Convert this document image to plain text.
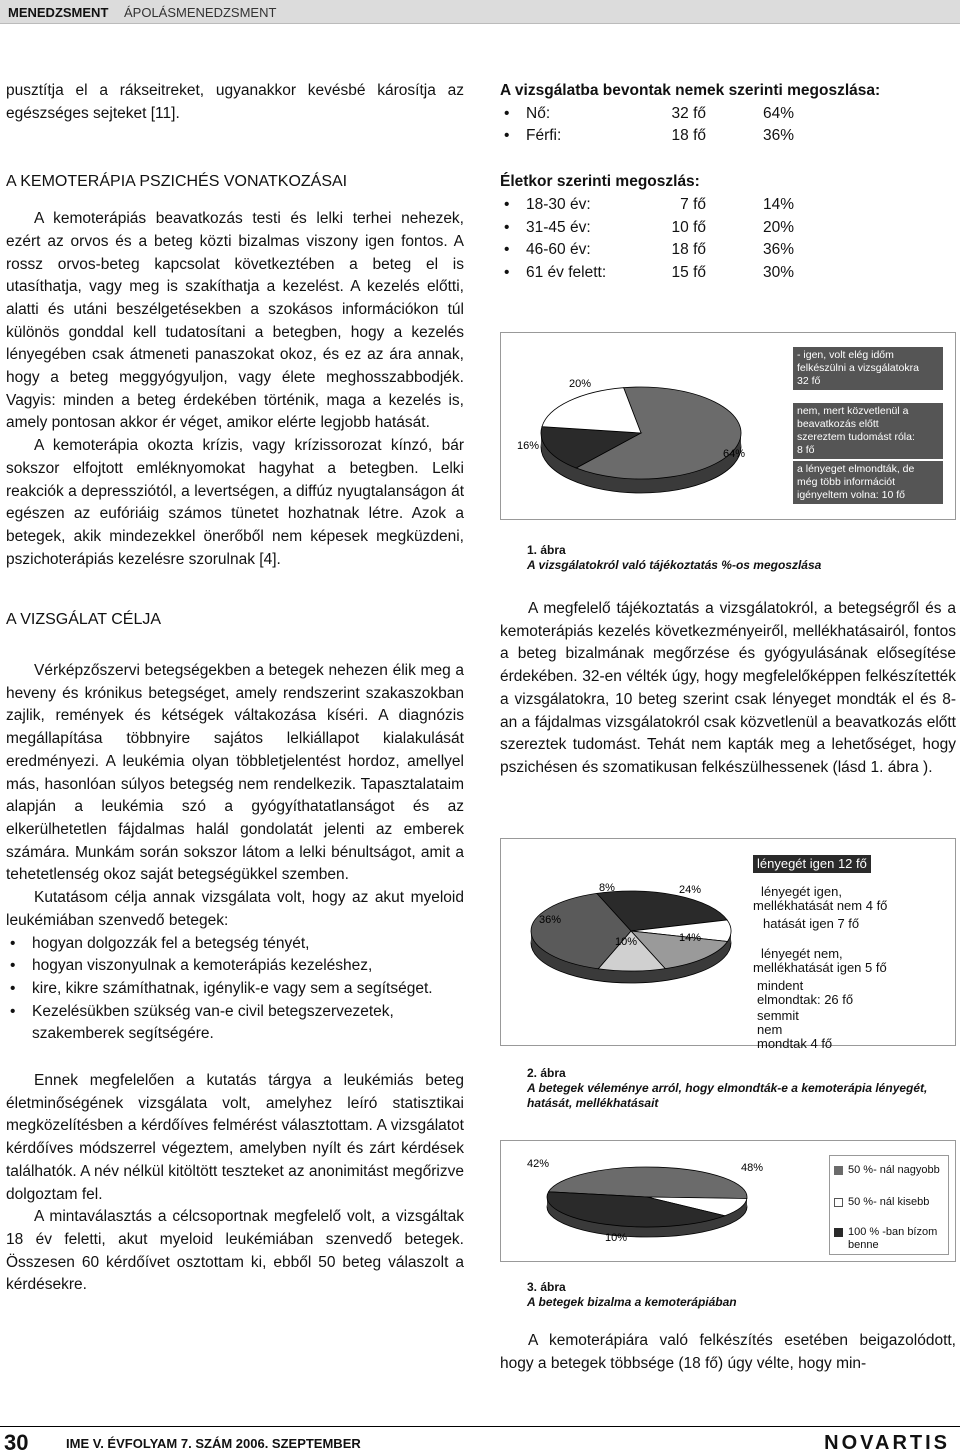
MENEDZSMENT ÁPOLÁSMENEDZSMENT

pusztítja el a rákseitreket, ugyanakkor kevésbé károsítja az egészséges sejteket [11].

A KEMOTERÁPIA PSZICHÉS VONATKOZÁSAI

A kemoterápiás beavatkozás testi és lelki terhei nehezek, ezért az orvos és a beteg közti bizalmas viszony igen fontos. A rossz orvos-beteg kapcsolat következtében a beteg el is utasíthatja, vagy meg is szakíthatja a kezelést. A kezelés előtti, alatti és utáni beszélgetésekben a szokásos információkon túl különös gonddal kell tudatosítani a betegben, hogy a kezelés lényegében csak átmeneti panaszokat okoz, és ez az ára annak, hogy a beteg meggyógyuljon, vagy élete meghosszabbodjék. Vagyis: minden a beteg érdekében történik, maga a kezelés is, amely pontosan akkor ér véget, amikor elérte legjobb hatását.

A kemoterápia okozta krízis, vagy krízissorozat kínzó, bár sokszor elfojtott emléknyomokat hagyhat a betegben. Lelki reakciók a depressziótól, a levertségen, a diffúz nyugtalanságon át egészen az eufóriáig számos tünetet hozhatnak létre. Azok a betegek, akik mindezekkel önerőből nem képesek megküzdeni, pszichoterápiás kezelésre szorulnak [4].

A VIZSGÁLAT CÉLJA

Vérképzőszervi betegségekben a betegek nehezen élik meg a heveny és krónikus betegséget, amely rendszerint szakaszokban zajlik, remények és kétségek váltakozása kíséri. A diagnózis megállapítása többnyire sajátos lelkiállapot kialakulását eredményezi. A leukémia olyan többletjelentést hordoz, amellyel más, hasonlóan súlyos betegség nem rendelkezik. Tapasztalataim alapján a leukémia szó a gyógyíthatatlanságot és az elkerülhetetlen fájdalmas halál gondolatát jelenti az emberek számára. Munkám során sokszor látom a lelki bénultságot, amit a tehetetlenség okoz saját betegségükkel szemben.

Kutatásom célja annak vizsgálata volt, hogy az akut myeloid leukémiában szenvedő betegek:

• hogyan dolgozzák fel a betegség tényét,
• hogyan viszonyulnak a kemoterápiás kezeléshez,
• kire, kikre számíthatnak, igénylik-e vagy sem a segítséget.
• Kezelésükben szükség van-e civil betegszervezetek, szakemberek segítségére.

Ennek megfelelően a kutatás tárgya a leukémiás beteg életminőségének vizsgálata volt, amelyhez leíró statisztikai megközelítésben a kérdőíves felmérést választottam. A vizsgálatot kérdőíves módszerrel végeztem, amelyben nyílt és zárt kérdések találhatók. A név nélkül kitöltött teszteket az anonimitást megőrizve dolgoztam fel.

A mintaválasztás a célcsoportnak megfelelő volt, a vizsgáltak 18 év feletti, akut myeloid leukémiában szenvedő betegek. Összesen 60 kérdőívet osztottam ki, ebből 50 beteg válaszolt a kérdésekre.

A vizsgálatba bevontak nemek szerinti megoszlása:
• Nő:	32 fő	64%
• Férfi:	18 fő	36%
Életkor szerinti megoszlás:
• 18-30 év:	7 fő	14%
• 31-45 év:	10 fő	20%
• 46-60 év:	18 fő	36%
• 61 év felett:	15 fő	30%
64%
16%
20%
- igen, volt elég időm
felkészülni a vizsgálatokra
32 fő
nem, mert közvetlenül a
beavatkozás előtt
szereztem tudomást róla:
8 fő
a lényeget elmondták, de
még több információt
igényeltem volna: 10 fő
1. ábra
A vizsgálatokról való tájékoztatás %-os megoszlása

A megfelelő tájékoztatás a vizsgálatokról, a betegségről és a kemoterápiás kezelés következményeiről, mellékhatásairól, fontos a beteg bizalmának megőrzése és gyógyulásának elősegítése érdekében. 32-en vélték úgy, hogy megfelelőképpen felkészítették a vizsgálatokra, 10 beteg szerint csak lényeget mondták el és 8-an a fájdalmas vizsgálatokról csak közvetlenül a beavatkozás előtt szereztek tudomást. Tehát nem kapták meg a lehetőséget, hogy pszichésen és szomatikusan felkészülhessenek (lásd 1. ábra ).

24%
8%
14%
10%
36%
lényegét igen 12 fő
lényegét igen,
mellékhatását nem 4 fő
hatását igen 7 fő
lényegét nem,
mellékhatását igen 5 fő
mindent
elmondtak: 26 fő
semmit
nem
mondtak 4 fő
2. ábra
A betegek véleménye arról, hogy elmondták-e a kemoterápia lényegét, hatását, mellékhatásait
48%
10%
42%	50 %- nál nagyobb
50 %- nál kisebb
100 % -ban bízom
benne
3. ábra
A betegek bizalma a kemoterápiában

A kemoterápiára való felkészítés esetében beigazolódott, hogy a betegek többsége (18 fő) úgy vélte, hogy min-

30	IME V. ÉVFOLYAM 7. SZÁM 2006. SZEPTEMBER	NOVARTIS
